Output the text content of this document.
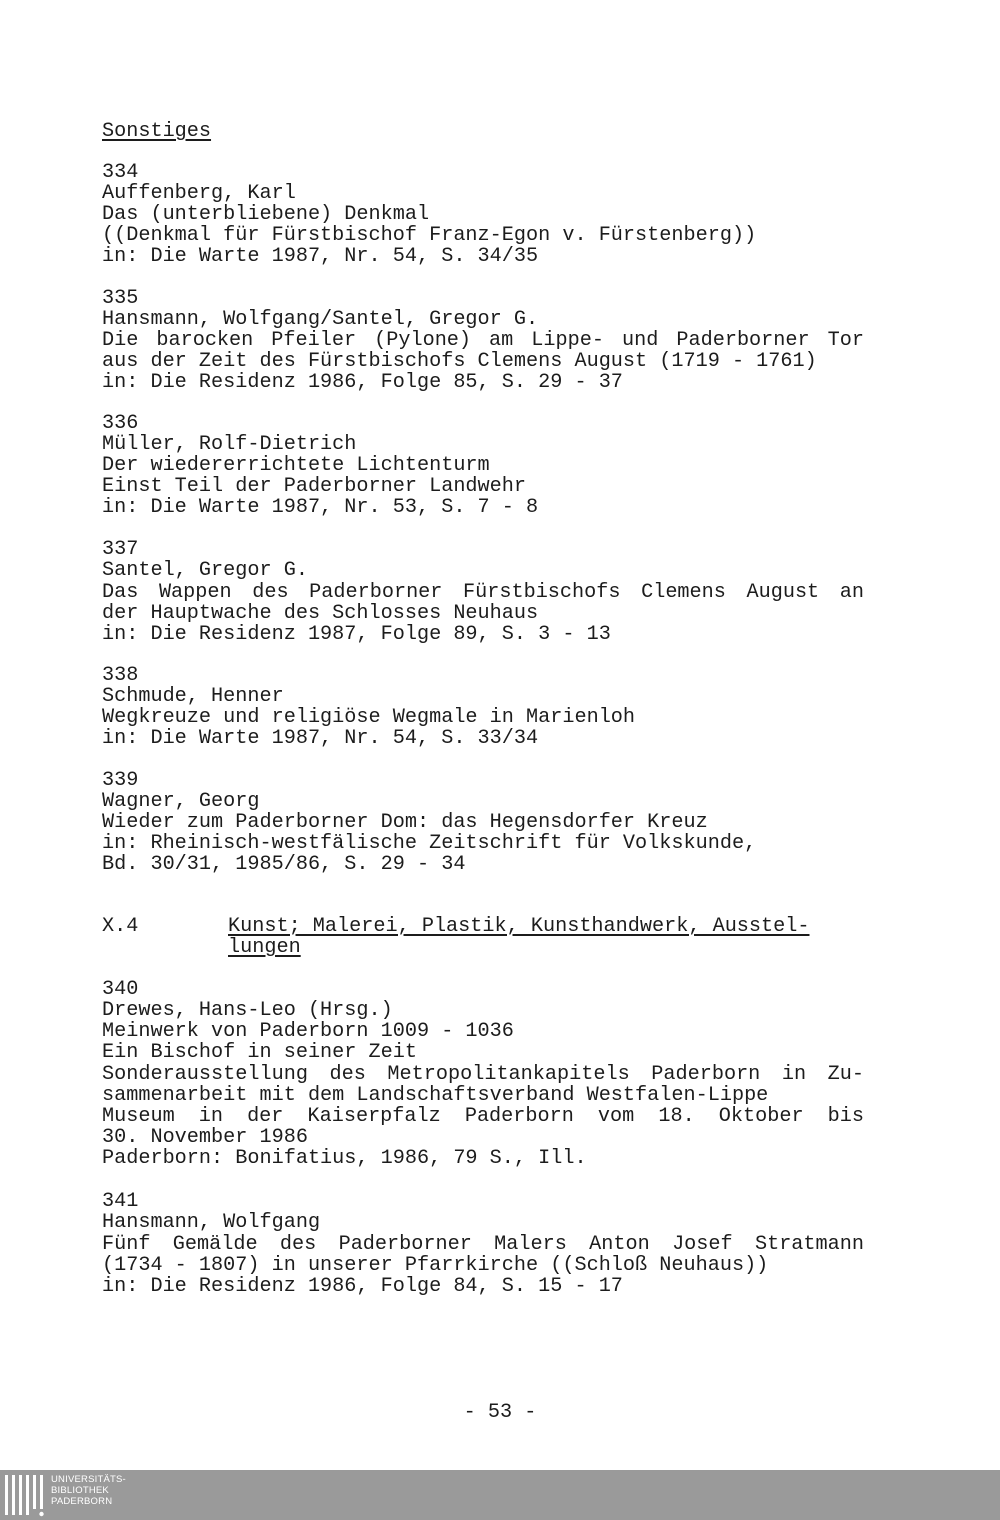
Sonstiges

334

Auffenberg, Karl

Das (unterbliebene) Denkmal

((Denkmal für Fürstbischof Franz-Egon v. Fürstenberg))

in: Die Warte 1987, Nr. 54, S. 34/35

335

Hansmann, Wolfgang/Santel, Gregor G.

Die barocken Pfeiler (Pylone) am Lippe- und Paderborner Tor

aus der Zeit des Fürstbischofs Clemens August (1719 - 1761)

in: Die Residenz 1986, Folge 85, S. 29 - 37

336

Müller, Rolf-Dietrich

Der wiedererrichtete Lichtenturm

Einst Teil der Paderborner Landwehr

in: Die Warte 1987, Nr. 53, S. 7 - 8

337

Santel, Gregor G.

Das Wappen des Paderborner Fürstbischofs Clemens August an

der Hauptwache des Schlosses Neuhaus

in: Die Residenz 1987, Folge 89, S. 3 - 13

338

Schmude, Henner

Wegkreuze und religiöse Wegmale in Marienloh

in: Die Warte 1987, Nr. 54, S. 33/34

339

Wagner, Georg

Wieder zum Paderborner Dom: das Hegensdorfer Kreuz

in: Rheinisch-westfälische Zeitschrift für Volkskunde,

Bd. 30/31, 1985/86, S. 29 - 34

X.4	Kunst; Malerei, Plastik, Kunsthandwerk, Ausstel-

lungen

340

Drewes, Hans-Leo (Hrsg.)

Meinwerk von Paderborn 1009 - 1036

Ein Bischof in seiner Zeit

Sonderausstellung des Metropolitankapitels Paderborn in Zu-

sammenarbeit mit dem Landschaftsverband Westfalen-Lippe

Museum in der Kaiserpfalz Paderborn vom 18. Oktober bis

30. November 1986

Paderborn: Bonifatius, 1986, 79 S., Ill.

341

Hansmann, Wolfgang

Fünf Gemälde des Paderborner Malers Anton Josef Stratmann

(1734 - 1807) in unserer Pfarrkirche ((Schloß Neuhaus))

in: Die Residenz 1986, Folge 84, S. 15 - 17

- 53 -
UNIVERSITÄTS-
BIBLIOTHEK
PADERBORN
